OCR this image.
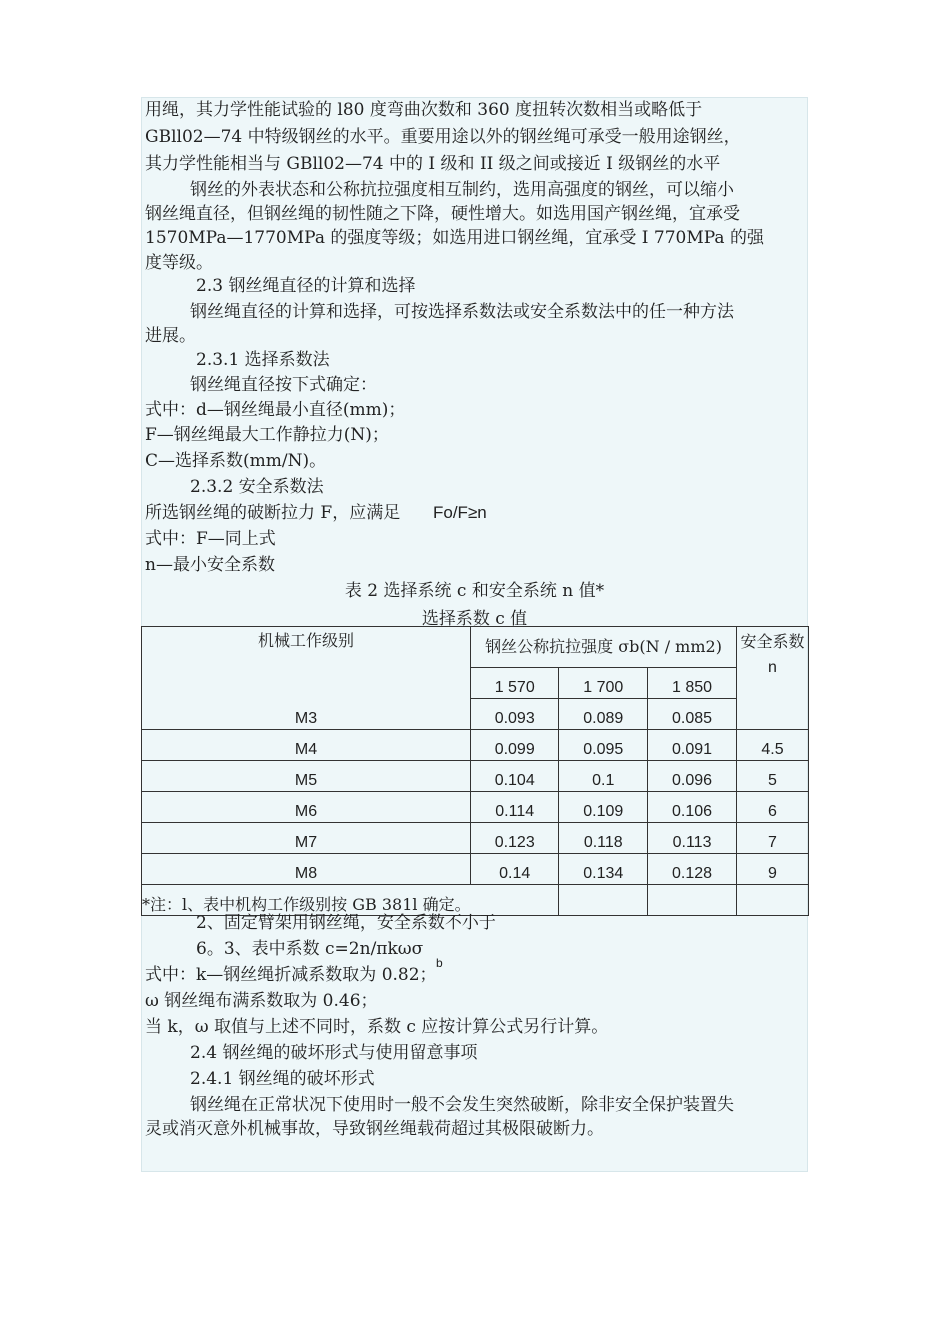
用绳，其力学性能试验的 l80 度弯曲次数和 360 度扭转次数相当或略低于
GBll02—74 中特级钢丝的水平。重要用途以外的钢丝绳可承受一般用途钢丝，
其力学性能相当与 GBll02—74 中的 I 级和 II 级之间或接近 I 级钢丝的水平
钢丝的外表状态和公称抗拉强度相互制约，选用高强度的钢丝，可以缩小
钢丝绳直径，但钢丝绳的韧性随之下降，硬性增大。如选用国产钢丝绳，宜承受
1570MPa—1770MPa 的强度等级；如选用进口钢丝绳，宜承受 I 770MPa 的强
度等级。
2.3 钢丝绳直径的计算和选择
钢丝绳直径的计算和选择，可按选择系数法或安全系数法中的任一种方法
进展。
2.3.1 选择系数法
钢丝绳直径按下式确定：
式中：d—钢丝绳最小直径(mm)；
F—钢丝绳最大工作静拉力(N)；
C—选择系数(mm/N)。
2.3.2 安全系数法
所选钢丝绳的破断拉力 F，应满足 Fo/F≥n
式中：F—同上式
n—最小安全系数
表 2 选择系统 c 和安全系统 n 值*
选择系数 c 值
机械工作级别	钢丝公称抗拉强度 σb(N / mm2)			安全系数
n

	1 570	1 700	1 850	
M3	0.093	0.089	0.085	
M4	0.099	0.095	0.091	4.5
M5	0.104	0.1	0.096	5
M6	0.114	0.109	0.106	6
M7	0.123	0.118	0.113	7
M8	0.14	0.134	0.128	9
*注：l、表中机构工作级别按 GB 381l 确定。				
2、固定臂架用钢丝绳，安全系数不小于
6。3、表中系数 c=2n/πkωσ
b
式中：k—钢丝绳折减系数取为 0.82；
ω 钢丝绳布满系数取为 0.46；
当 k，ω 取值与上述不同时，系数 c 应按计算公式另行计算。
2.4 钢丝绳的破坏形式与使用留意事项
2.4.1 钢丝绳的破坏形式
钢丝绳在正常状况下使用时一般不会发生突然破断，除非安全保护装置失
灵或消灭意外机械事故，导致钢丝绳载荷超过其极限破断力。
